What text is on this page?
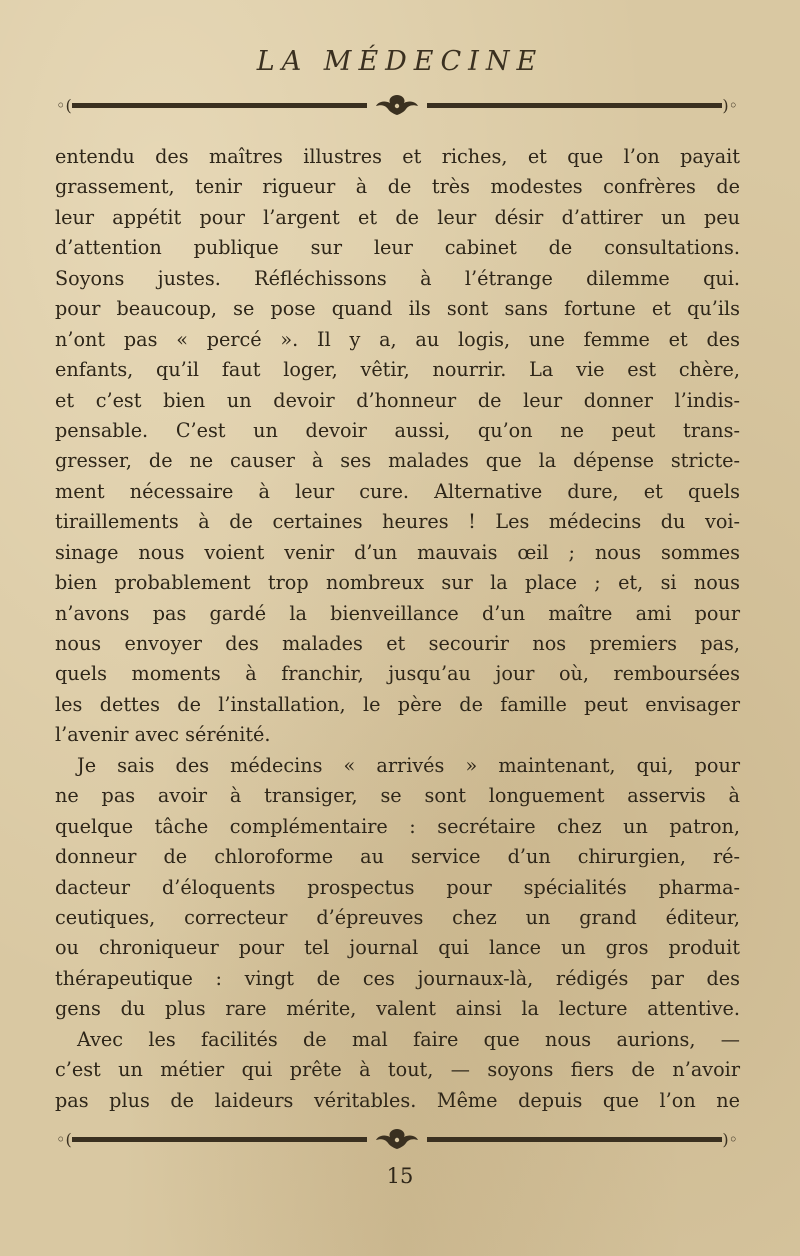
LA MÉDECINE
◦(	)◦
entendu des maîtres illustres et riches, et que l’on payait
grassement, tenir rigueur à de très modestes confrères de
leur appétit pour l’argent et de leur désir d’attirer un peu
d’attention publique sur leur cabinet de consultations.
Soyons justes. Réfléchissons à l’étrange dilemme qui.
pour beaucoup, se pose quand ils sont sans fortune et qu’ils
n’ont pas « percé ». Il y a, au logis, une femme et des
enfants, qu’il faut loger, vêtir, nourrir. La vie est chère,
et c’est bien un devoir d’honneur de leur donner l’indis-
pensable. C’est un devoir aussi, qu’on ne peut trans-
gresser, de ne causer à ses malades que la dépense stricte-
ment nécessaire à leur cure. Alternative dure, et quels
tiraillements à de certaines heures ! Les médecins du voi-
sinage nous voient venir d’un mauvais œil ; nous sommes
bien probablement trop nombreux sur la place ; et, si nous
n’avons pas gardé la bienveillance d’un maître ami pour
nous envoyer des malades et secourir nos premiers pas,
quels moments à franchir, jusqu’au jour où, remboursées
les dettes de l’installation, le père de famille peut envisager
l’avenir avec sérénité.
Je sais des médecins « arrivés » maintenant, qui, pour
ne pas avoir à transiger, se sont longuement asservis à
quelque tâche complémentaire : secrétaire chez un patron,
donneur de chloroforme au service d’un chirurgien, ré-
dacteur d’éloquents prospectus pour spécialités pharma-
ceutiques, correcteur d’épreuves chez un grand éditeur,
ou chroniqueur pour tel journal qui lance un gros produit
thérapeutique : vingt de ces journaux-là, rédigés par des
gens du plus rare mérite, valent ainsi la lecture attentive.
Avec les facilités de mal faire que nous aurions, —
c’est un métier qui prête à tout, — soyons fiers de n’avoir
pas plus de laideurs véritables. Même depuis que l’on ne
◦(	)◦
15
